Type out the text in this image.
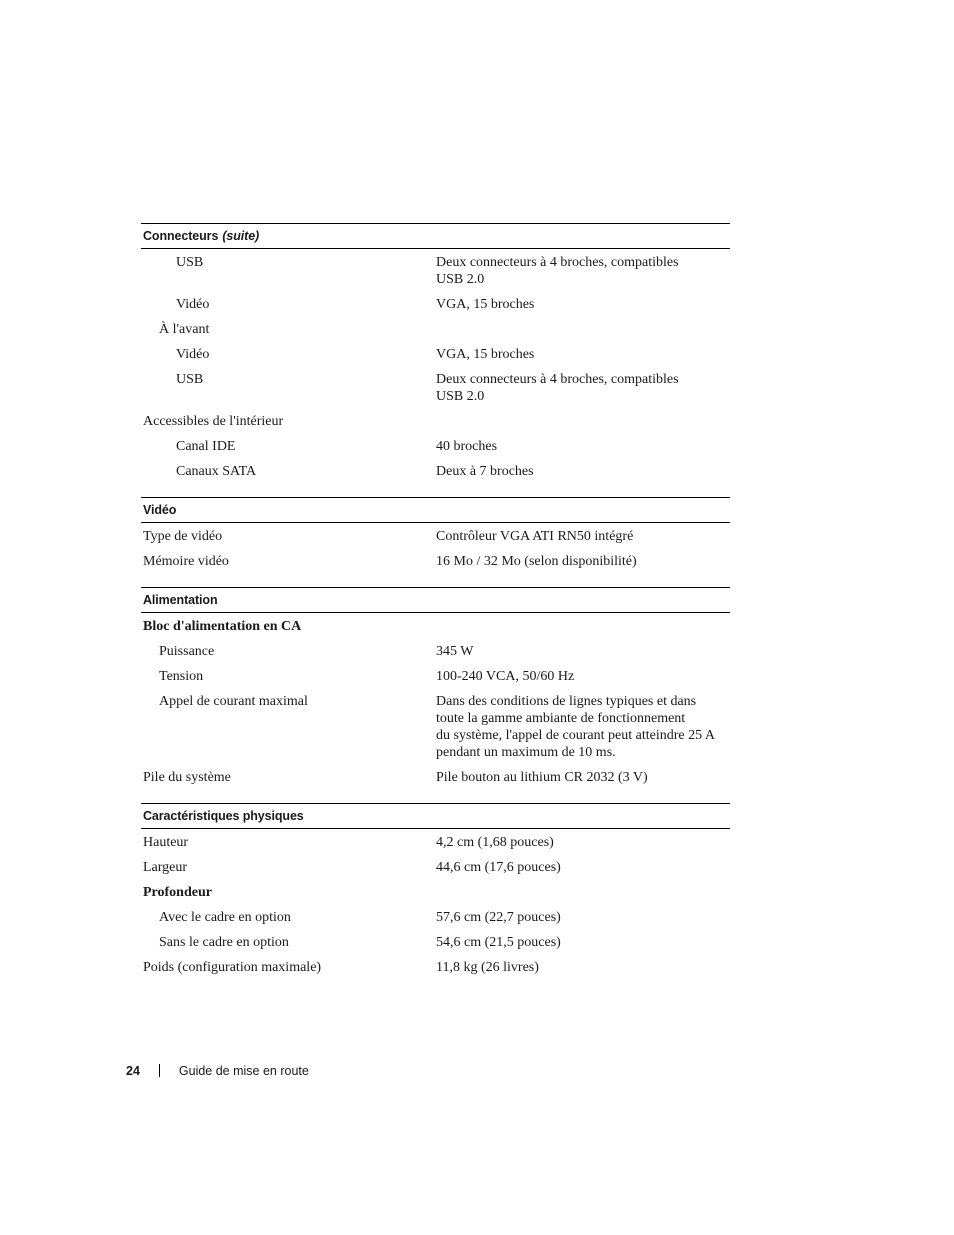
Connecteurs (suite)
USB	Deux connecteurs à 4 broches, compatibles
USB 2.0
Vidéo	VGA, 15 broches
À l'avant
Vidéo	VGA, 15 broches
USB	Deux connecteurs à 4 broches, compatibles
USB 2.0
Accessibles de l'intérieur
Canal IDE	40 broches
Canaux SATA	Deux à 7 broches
Vidéo
Type de vidéo	Contrôleur VGA ATI RN50 intégré
Mémoire vidéo	16 Mo / 32 Mo (selon disponibilité)
Alimentation
Bloc d'alimentation en CA
Puissance	345 W
Tension	100-240 VCA, 50/60 Hz
Appel de courant maximal	Dans des conditions de lignes typiques et dans
toute la gamme ambiante de fonctionnement
du système, l'appel de courant peut atteindre 25 A
pendant un maximum de 10 ms.
Pile du système	Pile bouton au lithium CR 2032 (3 V)
Caractéristiques physiques
Hauteur	4,2 cm (1,68 pouces)
Largeur	44,6 cm (17,6 pouces)
Profondeur
Avec le cadre en option	57,6 cm (22,7 pouces)
Sans le cadre en option	54,6 cm (21,5 pouces)
Poids (configuration maximale)	11,8 kg (26 livres)
24	Guide de mise en route
